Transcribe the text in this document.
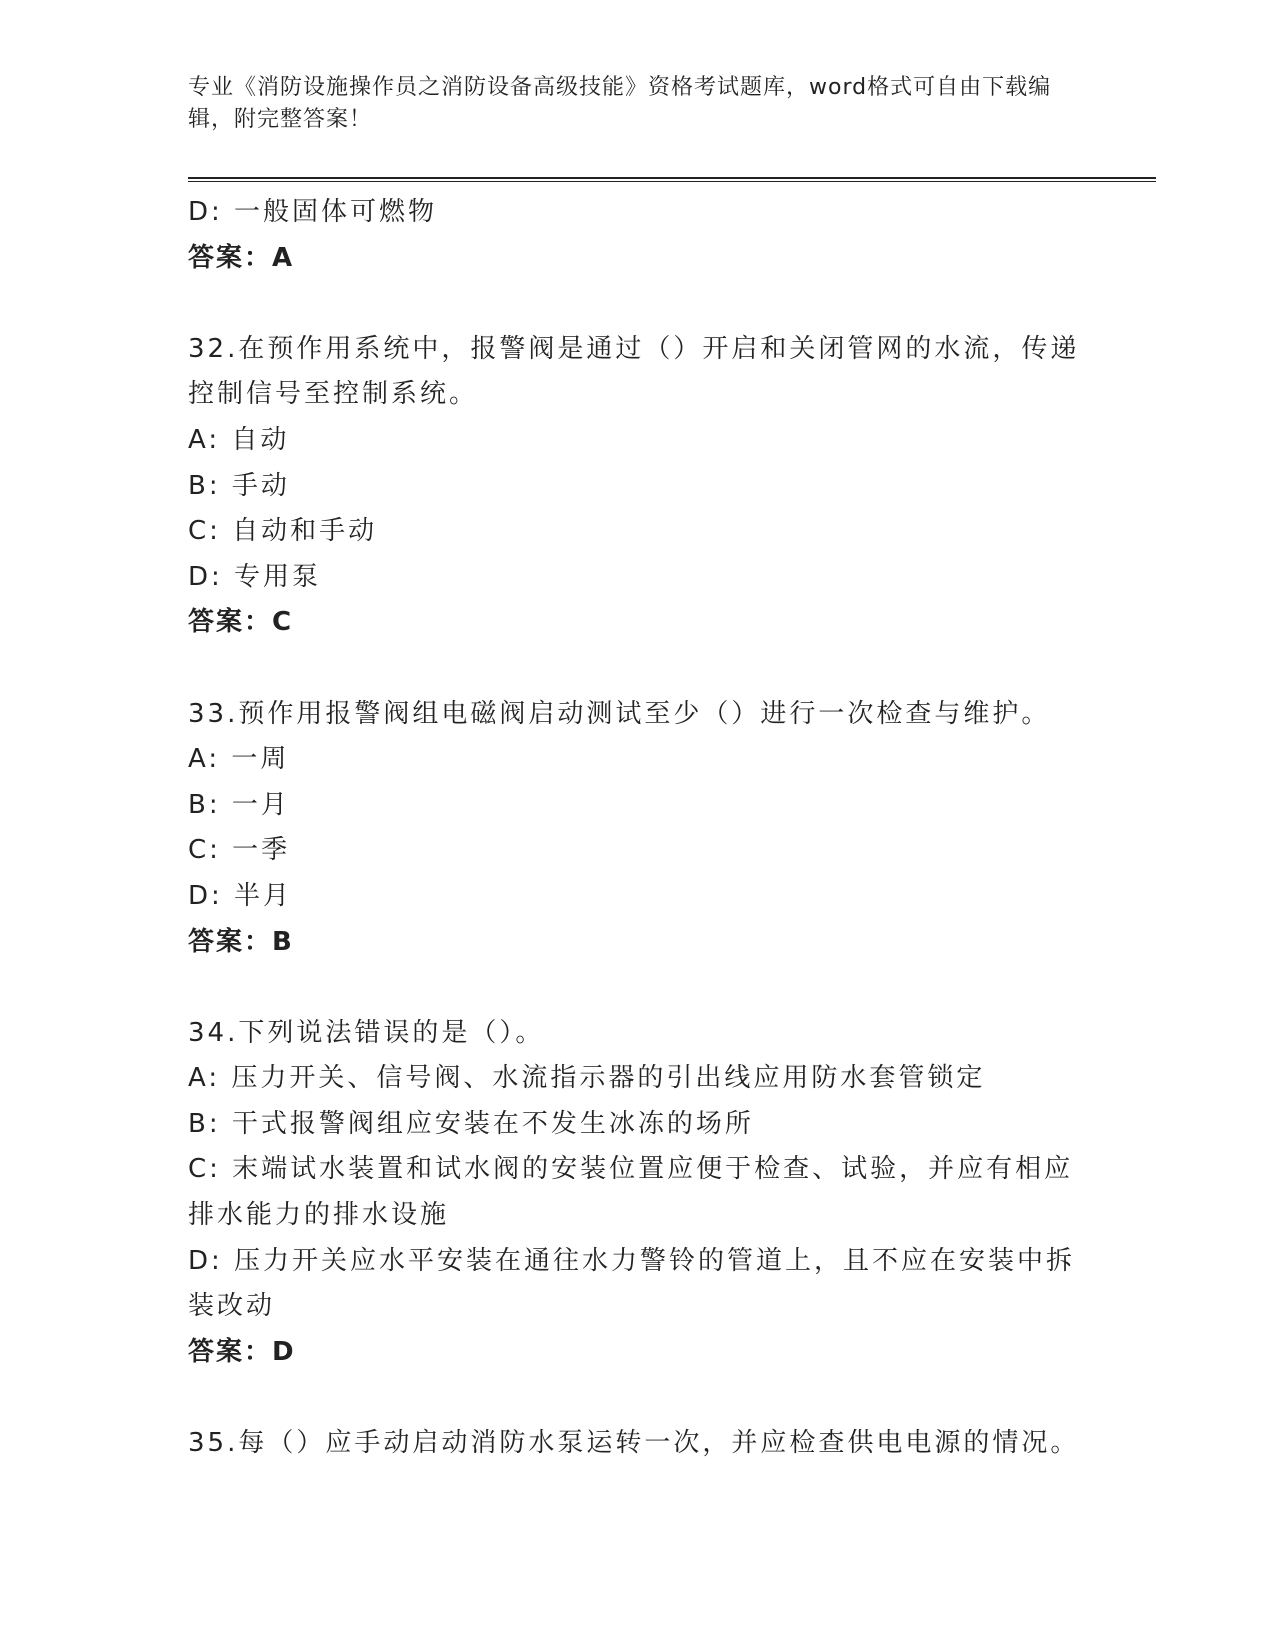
专业《消防设施操作员之消防设备高级技能》资格考试题库，word格式可自由下载编辑，附完整答案！

D: 一般固体可燃物

答案：A

32.在预作用系统中，报警阀是通过（）开启和关闭管网的水流，传递控制信号至控制系统。

A: 自动

B: 手动

C: 自动和手动

D: 专用泵

答案：C

33.预作用报警阀组电磁阀启动测试至少（）进行一次检查与维护。

A: 一周

B: 一月

C: 一季

D: 半月

答案：B

34.下列说法错误的是（）。

A: 压力开关、信号阀、水流指示器的引出线应用防水套管锁定

B: 干式报警阀组应安装在不发生冰冻的场所

C: 末端试水装置和试水阀的安装位置应便于检查、试验，并应有相应排水能力的排水设施

D: 压力开关应水平安装在通往水力警铃的管道上，且不应在安装中拆装改动

答案：D

35.每（）应手动启动消防水泵运转一次，并应检查供电电源的情况。
